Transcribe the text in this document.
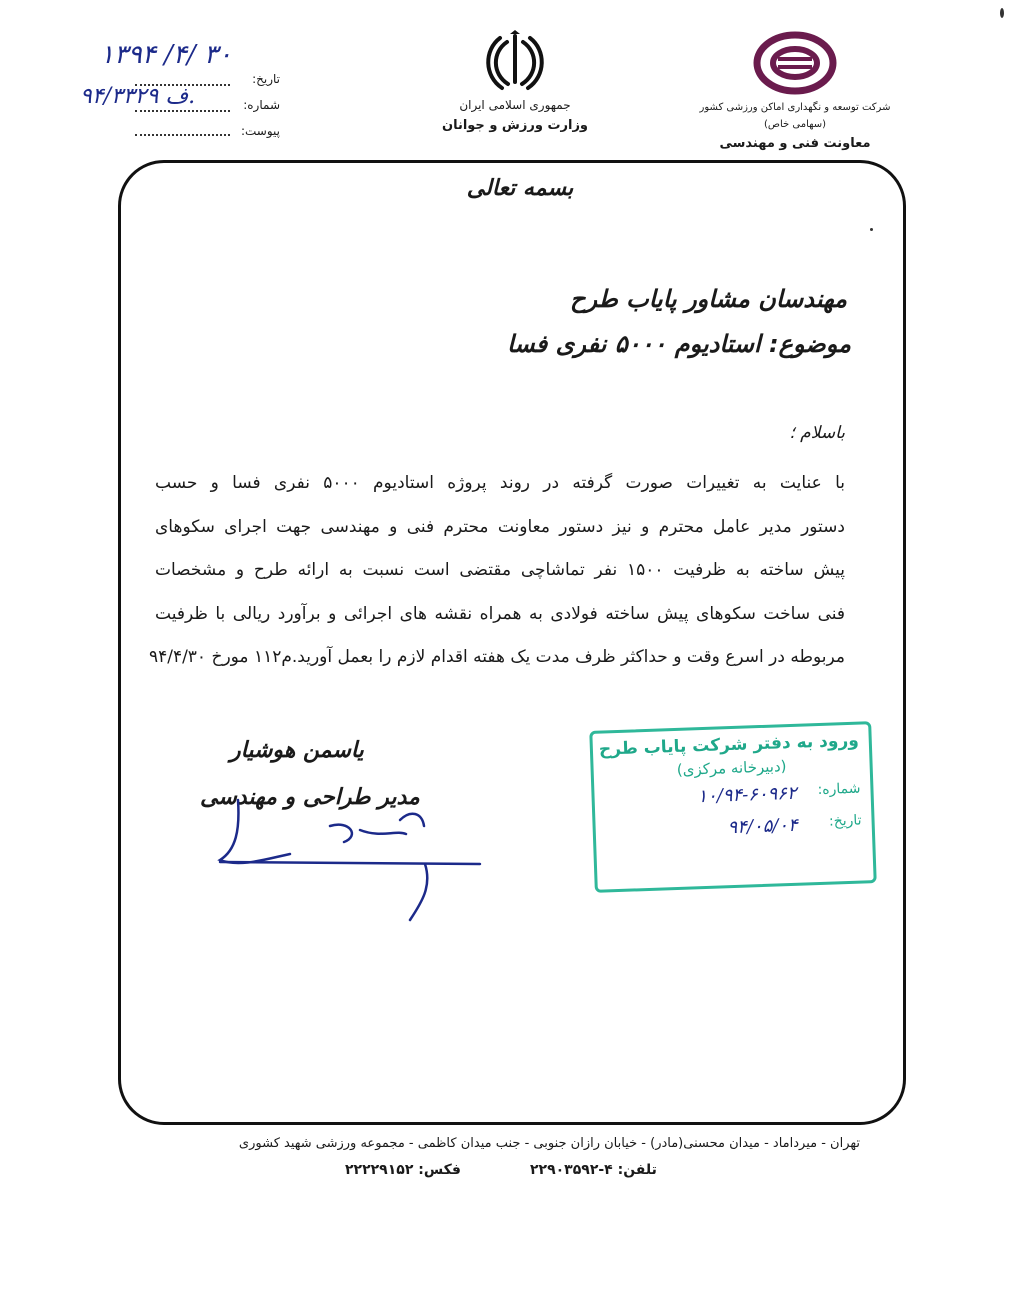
۱۳۹۴ /۴/ ۳۰
تاریخ:
۹۴/۳۳۲۹ ف.	شماره:
پیوست:
جمهوری اسلامی ایران
وزارت ورزش و جوانان
شرکت توسعه و نگهداری اماکن ورزشی کشور
(سهامی خاص)
معاونت فنی و مهندسی
بسمه تعالی
مهندسان مشاور پایاب طرح
موضوع: استادیوم ۵۰۰۰ نفری فسا
باسلام ؛
با عنایت به تغییرات صورت گرفته در روند پروژه استادیوم ۵۰۰۰ نفری فسا و حسب
دستور مدیر عامل محترم و نیز دستور معاونت محترم فنی و مهندسی جهت اجرای سکوهای
پیش ساخته به ظرفیت ۱۵۰۰ نفر تماشاچی مقتضی است نسبت به ارائه طرح و مشخصات
فنی ساخت سکوهای پیش ساخته فولادی به همراه نقشه های اجرائی و برآورد ریالی با ظرفیت
مربوطه در اسرع وقت و حداکثر ظرف مدت یک هفته اقدام لازم را بعمل آورید.م۱۱۲ مورخ ۹۴/۴/۳۰
یاسمن هوشیار
مدیر طراحی و مهندسی
ورود به دفتر شرکت پایاب طرح
(دبیرخانه مرکزی)
شماره:
۱۰/۹۴-۶۰۹۶۲
تاریخ:
۹۴/۰۵/۰۴
تهران - میرداماد - میدان محسنی(مادر) - خیابان رازان جنوبی - جنب میدان کاظمی - مجموعه ورزشی شهید کشوری
تلفن: ۴-۲۲۹۰۳۵۹۲
فکس: ۲۲۲۲۹۱۵۲
